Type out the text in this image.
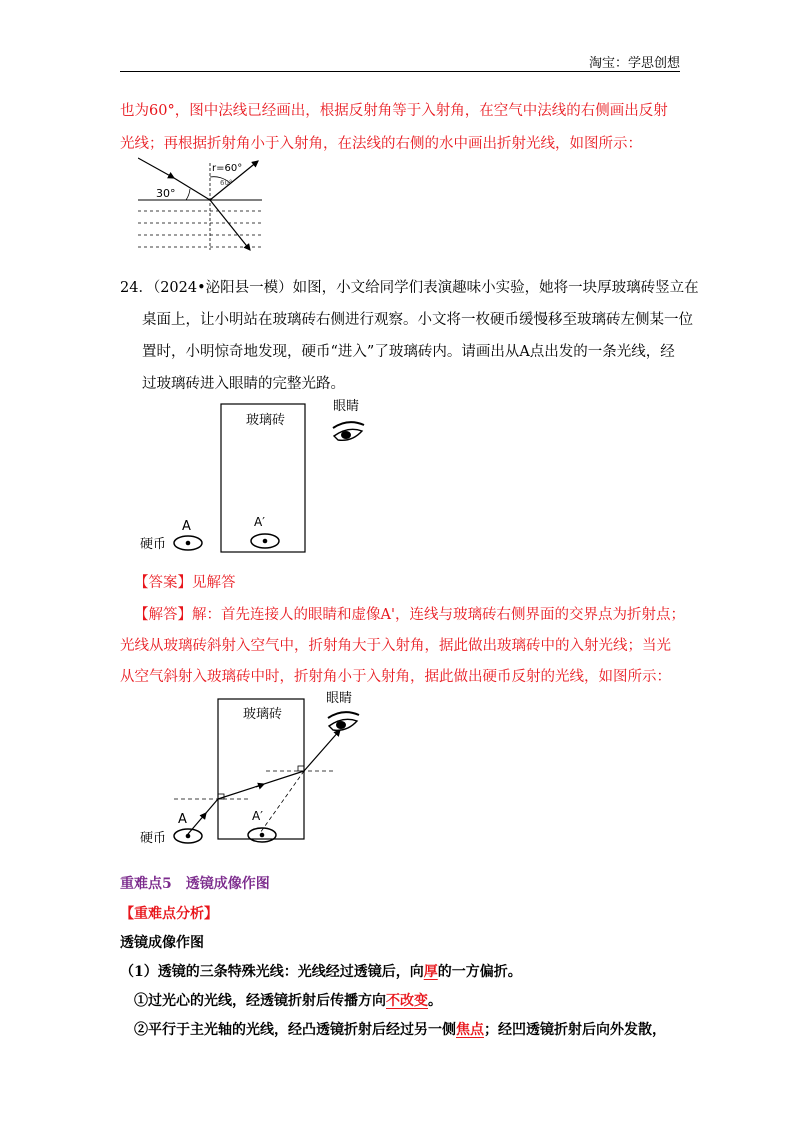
淘宝：学思创想
也为60°，图中法线已经画出，根据反射角等于入射角，在空气中法线的右侧画出反射
光线；再根据折射角小于入射角，在法线的右侧的水中画出折射光线，如图所示：
30°
r=60°
60°
24．（2024•泌阳县一模）如图，小文给同学们表演趣味小实验，她将一块厚玻璃砖竖立在
桌面上，让小明站在玻璃砖右侧进行观察。小文将一枚硬币缓慢移至玻璃砖左侧某一位
置时，小明惊奇地发现，硬币“进入”了玻璃砖内。请画出从A点出发的一条光线，经
过玻璃砖进入眼睛的完整光路。
玻璃砖
眼睛
A
硬币
A′
【答案】见解答
【解答】解：首先连接人的眼睛和虚像A'，连线与玻璃砖右侧界面的交界点为折射点；
光线从玻璃砖斜射入空气中，折射角大于入射角，据此做出玻璃砖中的入射光线；当光
从空气斜射入玻璃砖中时，折射角小于入射角，据此做出硬币反射的光线，如图所示：
玻璃砖
眼睛
A
硬币
A′
重难点5　透镜成像作图
【重难点分析】
透镜成像作图
（1）透镜的三条特殊光线：光线经过透镜后，向厚的一方偏折。
①过光心的光线，经透镜折射后传播方向不改变。
②平行于主光轴的光线，经凸透镜折射后经过另一侧焦点；经凹透镜折射后向外发散，
